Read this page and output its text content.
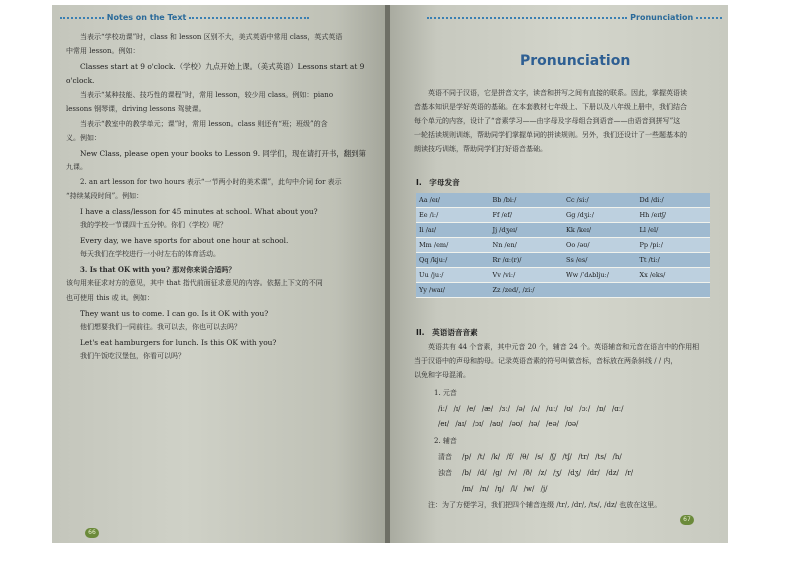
Notes on the Text
当表示“学校功课”时，class 和 lesson 区别不大，美式英语中常用 class，英式英语
中常用 lesson。例如：
Classes start at 9 o'clock.（学校）九点开始上课。（美式英语）Lessons start at 9
o'clock.
当表示“某种技能、技巧性的课程”时，常用 lesson，较少用 class。例如：piano
lessons 钢琴课，driving lessons 驾驶课。
当表示“教室中的教学单元；课”时，常用 lesson。class 则还有“班；班级”的含
义。例如：
New Class, please open your books to Lesson 9. 同学们，现在请打开书，翻到第
九课。
2. an art lesson for two hours 表示“一节两小时的美术课”，此句中介词 for 表示
“持续某段时间”。例如：
I have a class/lesson for 45 minutes at school. What about you?
我的学校一节课四十五分钟。你们（学校）呢？
Every day, we have sports for about one hour at school.
每天我们在学校进行一小时左右的体育活动。
3. Is that OK with you? 那对你来说合适吗？
该句用来征求对方的意见，其中 that 指代前面征求意见的内容。依据上下文的不同
也可使用 this 或 it。例如：
They want us to come. I can go. Is it OK with you?
他们想要我们一同前往。我可以去，你也可以去吗？
Let's eat hamburgers for lunch. Is this OK with you?
我们午饭吃汉堡包，你看可以吗？
66
Pronunciation
Pronunciation
英语不同于汉语，它是拼音文字，读音和拼写之间有直接的联系。因此，掌握英语读
音基本知识是学好英语的基础。在本套教材七年级上、下册以及八年级上册中，我们结合
每个单元的内容，设计了“音素学习——由字母及字母组合到语音——由语音到拼写”这
一轮括读规则训练，帮助同学们掌握单词的拼读规则。另外，我们还设计了一些题基本的
朗读技巧训练，帮助同学们打好语音基础。
I.　字母发音
Aa /eɪ/	Bb /biː/	Cc /siː/	Dd /diː/
Ee /iː/	Ff /ef/	Gg /dʒiː/	Hh /eɪtʃ/
Ii /aɪ/	Jj /dʒeɪ/	Kk /keɪ/	Ll /el/
Mm /em/	Nn /en/	Oo /əʊ/	Pp /piː/
Qq /kjuː/	Rr /ɑː(r)/	Ss /es/	Tt /tiː/
Uu /juː/	Vv /viː/	Ww /ˈdʌbljuː/	Xx /eks/
Yy /waɪ/	Zz /zed/, /ziː/		
II.　英语语音音素
英语共有 44 个音素，其中元音 20 个，辅音 24 个。英语辅音和元音在语言中的作用相
当于汉语中的声母和韵母。记录英语音素的符号叫做音标，音标放在两条斜线 / / 内，
以免和字母混淆。
1. 元音
/iː/ /ɪ/ /e/ /æ/ /ɜː/ /ə/ /ʌ/ /uː/ /ʊ/ /ɔː/ /ɒ/ /ɑː/
/eɪ/ /aɪ/ /ɔɪ/ /aʊ/ /əʊ/ /ɪə/ /eə/ /ʊə/
2. 辅音
清音 /p/ /t/ /k/ /f/ /θ/ /s/ /ʃ/ /tʃ/ /tr/ /ts/ /h/
浊音 /b/ /d/ /g/ /v/ /ð/ /z/ /ʒ/ /dʒ/ /dr/ /dz/ /r/
/m/ /n/ /ŋ/ /l/ /w/ /j/
注：为了方便学习，我们把四个辅音连缀 /tr/, /dr/, /ts/, /dz/ 也放在这里。
67
